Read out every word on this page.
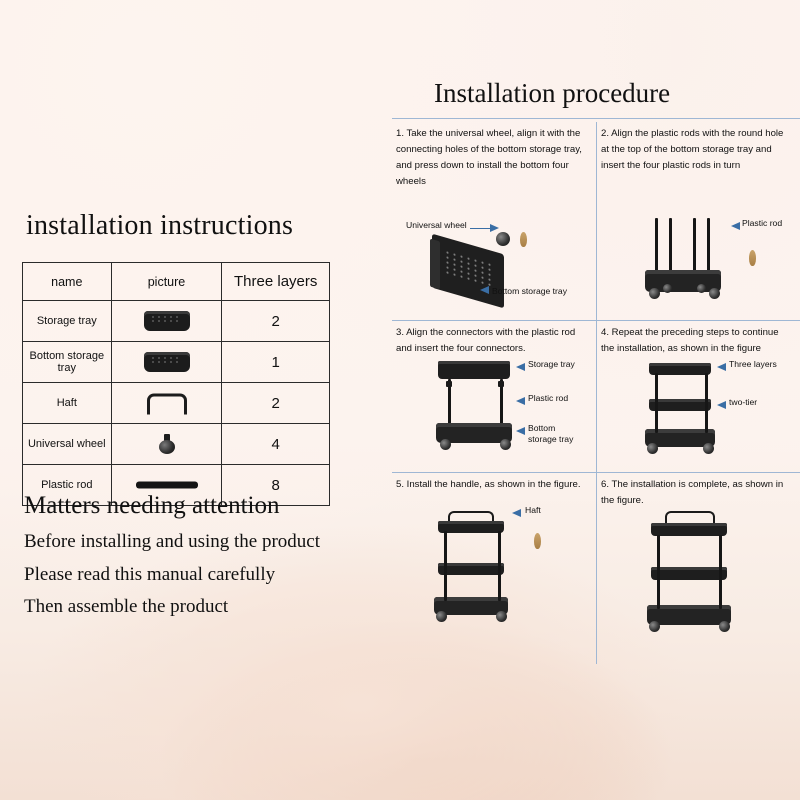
installation instructions
name	picture	Three layers
Storage tray		2
Bottom storage tray		1
Haft		2
Universal wheel		4
Plastic rod		8
Matters needing attention
Before installing and using the product
Please read this manual carefully
Then assemble the product
Installation procedure
1. Take the universal wheel, align it with the connecting holes of the bottom storage tray, and press down to install the bottom four wheels
Universal wheel
Bottom storage tray
2. Align the plastic rods with the round hole at the top of the bottom storage tray and insert the four plastic rods in turn
Plastic rod
3. Align the connectors with the plastic rod and insert the four connectors.
Storage tray
Plastic rod
Bottom storage tray
4. Repeat the preceding steps to continue the installation, as shown in the figure
Three layers
two-tier
5. Install the handle, as shown in the figure.
Haft
6. The installation is complete, as shown in the figure.
